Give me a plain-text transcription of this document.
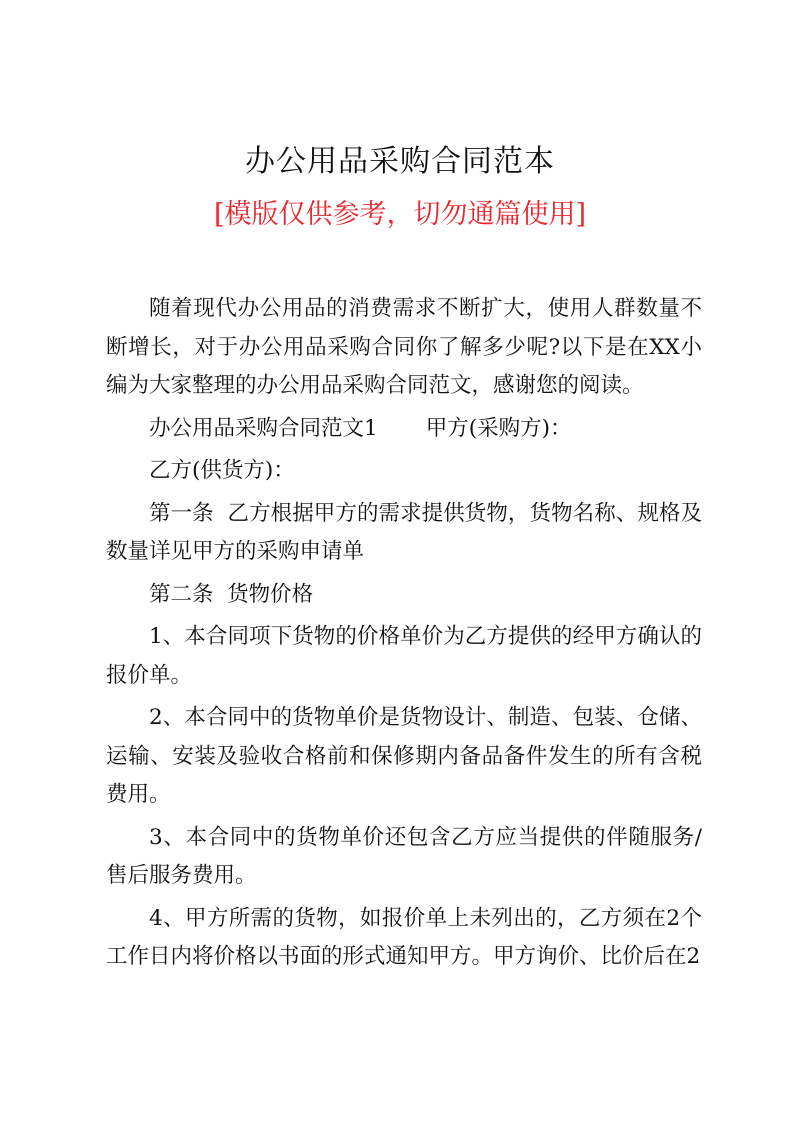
办公用品采购合同范本

[模版仅供参考，切勿通篇使用]

随着现代办公用品的消费需求不断扩大，使用人群数量不断增长，对于办公用品采购合同你了解多少呢?以下是在XX小编为大家整理的办公用品采购合同范文，感谢您的阅读。

办公用品采购合同范文1 甲方(采购方)：

乙方(供货方)：

第一条  乙方根据甲方的需求提供货物，货物名称、规格及数量详见甲方的采购申请单

第二条  货物价格

1、本合同项下货物的价格单价为乙方提供的经甲方确认的报价单。

2、本合同中的货物单价是货物设计、制造、包装、仓储、运输、安装及验收合格前和保修期内备品备件发生的所有含税费用。

3、本合同中的货物单价还包含乙方应当提供的伴随服务/售后服务费用。

4、甲方所需的货物，如报价单上未列出的，乙方须在2个工作日内将价格以书面的形式通知甲方。甲方询价、比价后在2
